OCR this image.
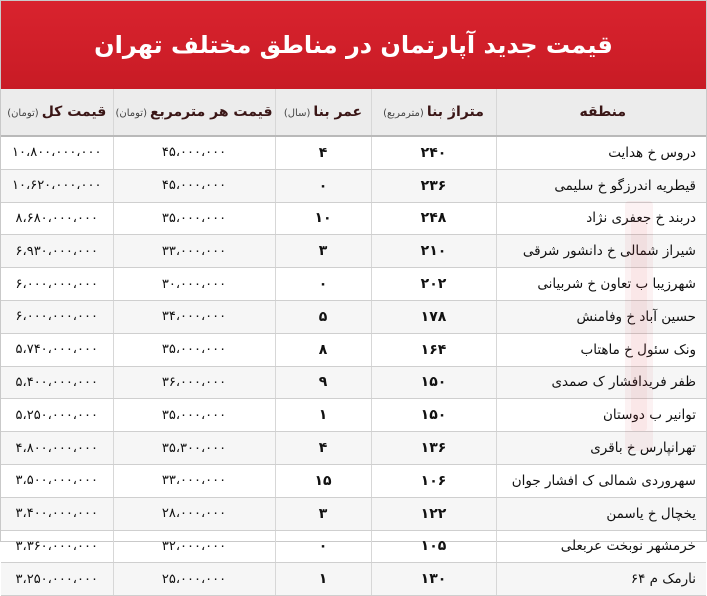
قیمت جدید آپارتمان در مناطق مختلف تهران
منطقه	متراژ بنا(مترمربع)	عمر بنا(سال)	قیمت هر مترمربع(تومان)	قیمت کل(تومان)
دروس خ هدایت	۲۴۰	۴	۴۵،۰۰۰،۰۰۰	۱۰،۸۰۰،۰۰۰،۰۰۰
قیطریه اندرزگو خ سلیمی	۲۳۶	۰	۴۵،۰۰۰،۰۰۰	۱۰،۶۲۰،۰۰۰،۰۰۰
دربند خ جعفری نژاد	۲۴۸	۱۰	۳۵،۰۰۰،۰۰۰	۸،۶۸۰،۰۰۰،۰۰۰
شیراز شمالی خ دانشور شرقی	۲۱۰	۳	۳۳،۰۰۰،۰۰۰	۶،۹۳۰،۰۰۰،۰۰۰
شهرزیبا ب تعاون خ شربیانی	۲۰۲	۰	۳۰،۰۰۰،۰۰۰	۶،۰۰۰،۰۰۰،۰۰۰
حسین آباد خ وفامنش	۱۷۸	۵	۳۴،۰۰۰،۰۰۰	۶،۰۰۰،۰۰۰،۰۰۰
ونک سئول خ ماهتاب	۱۶۴	۸	۳۵،۰۰۰،۰۰۰	۵،۷۴۰،۰۰۰،۰۰۰
ظفر فریدافشار ک صمدی	۱۵۰	۹	۳۶،۰۰۰،۰۰۰	۵،۴۰۰،۰۰۰،۰۰۰
توانیر ب دوستان	۱۵۰	۱	۳۵،۰۰۰،۰۰۰	۵،۲۵۰،۰۰۰،۰۰۰
تهرانپارس خ باقری	۱۳۶	۴	۳۵،۳۰۰،۰۰۰	۴،۸۰۰،۰۰۰،۰۰۰
سهروردی شمالی ک افشار جوان	۱۰۶	۱۵	۳۳،۰۰۰،۰۰۰	۳،۵۰۰،۰۰۰،۰۰۰
یخچال خ یاسمن	۱۲۲	۳	۲۸،۰۰۰،۰۰۰	۳،۴۰۰،۰۰۰،۰۰۰
خرمشهر نوبخت عربعلی	۱۰۵	۰	۳۲،۰۰۰،۰۰۰	۳،۳۶۰،۰۰۰،۰۰۰
نارمک م ۶۴	۱۳۰	۱	۲۵،۰۰۰،۰۰۰	۳،۲۵۰،۰۰۰،۰۰۰
